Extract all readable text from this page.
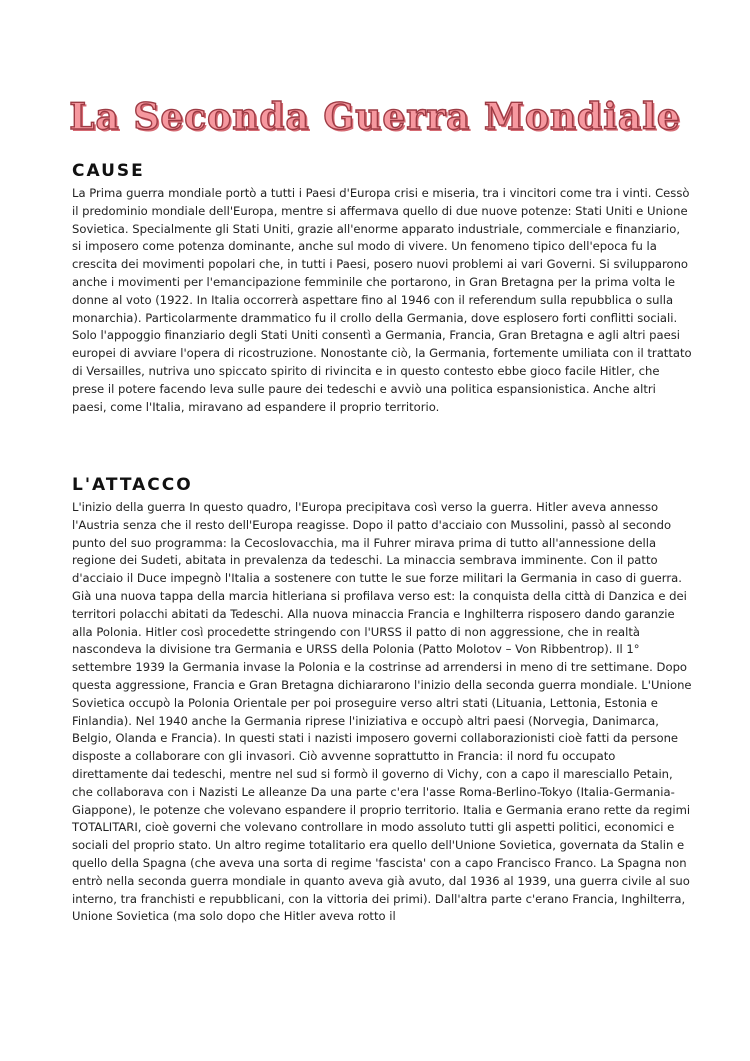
La Seconda Guerra Mondiale
CAUSE

La Prima guerra mondiale portò a tutti i Paesi d'Europa crisi e miseria, tra i vincitori come tra i vinti. Cessò il predominio mondiale dell'Europa, mentre si affermava quello di due nuove potenze: Stati Uniti e Unione Sovietica. Specialmente gli Stati Uniti, grazie all'enorme apparato industriale, commerciale e finanziario, si imposero come potenza dominante, anche sul modo di vivere. Un fenomeno tipico dell'epoca fu la crescita dei movimenti popolari che, in tutti i Paesi, posero nuovi problemi ai vari Governi. Si svilupparono anche i movimenti per l'emancipazione femminile che portarono, in Gran Bretagna per la prima volta le donne al voto (1922. In Italia occorrerà aspettare fino al 1946 con il referendum sulla repubblica o sulla monarchia). Particolarmente drammatico fu il crollo della Germania, dove esplosero forti conflitti sociali. Solo l'appoggio finanziario degli Stati Uniti consentì a Germania, Francia, Gran Bretagna e agli altri paesi europei di avviare l'opera di ricostruzione. Nonostante ciò, la Germania, fortemente umiliata con il trattato di Versailles, nutriva uno spiccato spirito di rivincita e in questo contesto ebbe gioco facile Hitler, che prese il potere facendo leva sulle paure dei tedeschi e avviò una politica espansionistica. Anche altri paesi, come l'Italia, miravano ad espandere il proprio territorio.

L'ATTACCO

L'inizio della guerra In questo quadro, l'Europa precipitava così verso la guerra. Hitler aveva annesso l'Austria senza che il resto dell'Europa reagisse. Dopo il patto d'acciaio con Mussolini, passò al secondo punto del suo programma: la Cecoslovacchia, ma il Fuhrer mirava prima di tutto all'annessione della regione dei Sudeti, abitata in prevalenza da tedeschi. La minaccia sembrava imminente. Con il patto d'acciaio il Duce impegnò l'Italia a sostenere con tutte le sue forze militari la Germania in caso di guerra. Già una nuova tappa della marcia hitleriana si profilava verso est: la conquista della città di Danzica e dei territori polacchi abitati da Tedeschi. Alla nuova minaccia Francia e Inghilterra risposero dando garanzie alla Polonia. Hitler così procedette stringendo con l'URSS il patto di non aggressione, che in realtà nascondeva la divisione tra Germania e URSS della Polonia (Patto Molotov – Von Ribbentrop). Il 1° settembre 1939 la Germania invase la Polonia e la costrinse ad arrendersi in meno di tre settimane. Dopo questa aggressione, Francia e Gran Bretagna dichiararono l'inizio della seconda guerra mondiale. L'Unione Sovietica occupò la Polonia Orientale per poi proseguire verso altri stati (Lituania, Lettonia, Estonia e Finlandia). Nel 1940 anche la Germania riprese l'iniziativa e occupò altri paesi (Norvegia, Danimarca, Belgio, Olanda e Francia). In questi stati i nazisti imposero governi collaborazionisti cioè fatti da persone disposte a collaborare con gli invasori. Ciò avvenne soprattutto in Francia: il nord fu occupato direttamente dai tedeschi, mentre nel sud si formò il governo di Vichy, con a capo il maresciallo Petain, che collaborava con i Nazisti Le alleanze Da una parte c'era l'asse Roma-Berlino-Tokyo (Italia-Germania-Giappone), le potenze che volevano espandere il proprio territorio. Italia e Germania erano rette da regimi TOTALITARI, cioè governi che volevano controllare in modo assoluto tutti gli aspetti politici, economici e sociali del proprio stato. Un altro regime totalitario era quello dell'Unione Sovietica, governata da Stalin e quello della Spagna (che aveva una sorta di regime 'fascista' con a capo Francisco Franco. La Spagna non entrò nella seconda guerra mondiale in quanto aveva già avuto, dal 1936 al 1939, una guerra civile al suo interno, tra franchisti e repubblicani, con la vittoria dei primi). Dall'altra parte c'erano Francia, Inghilterra, Unione Sovietica (ma solo dopo che Hitler aveva rotto il
